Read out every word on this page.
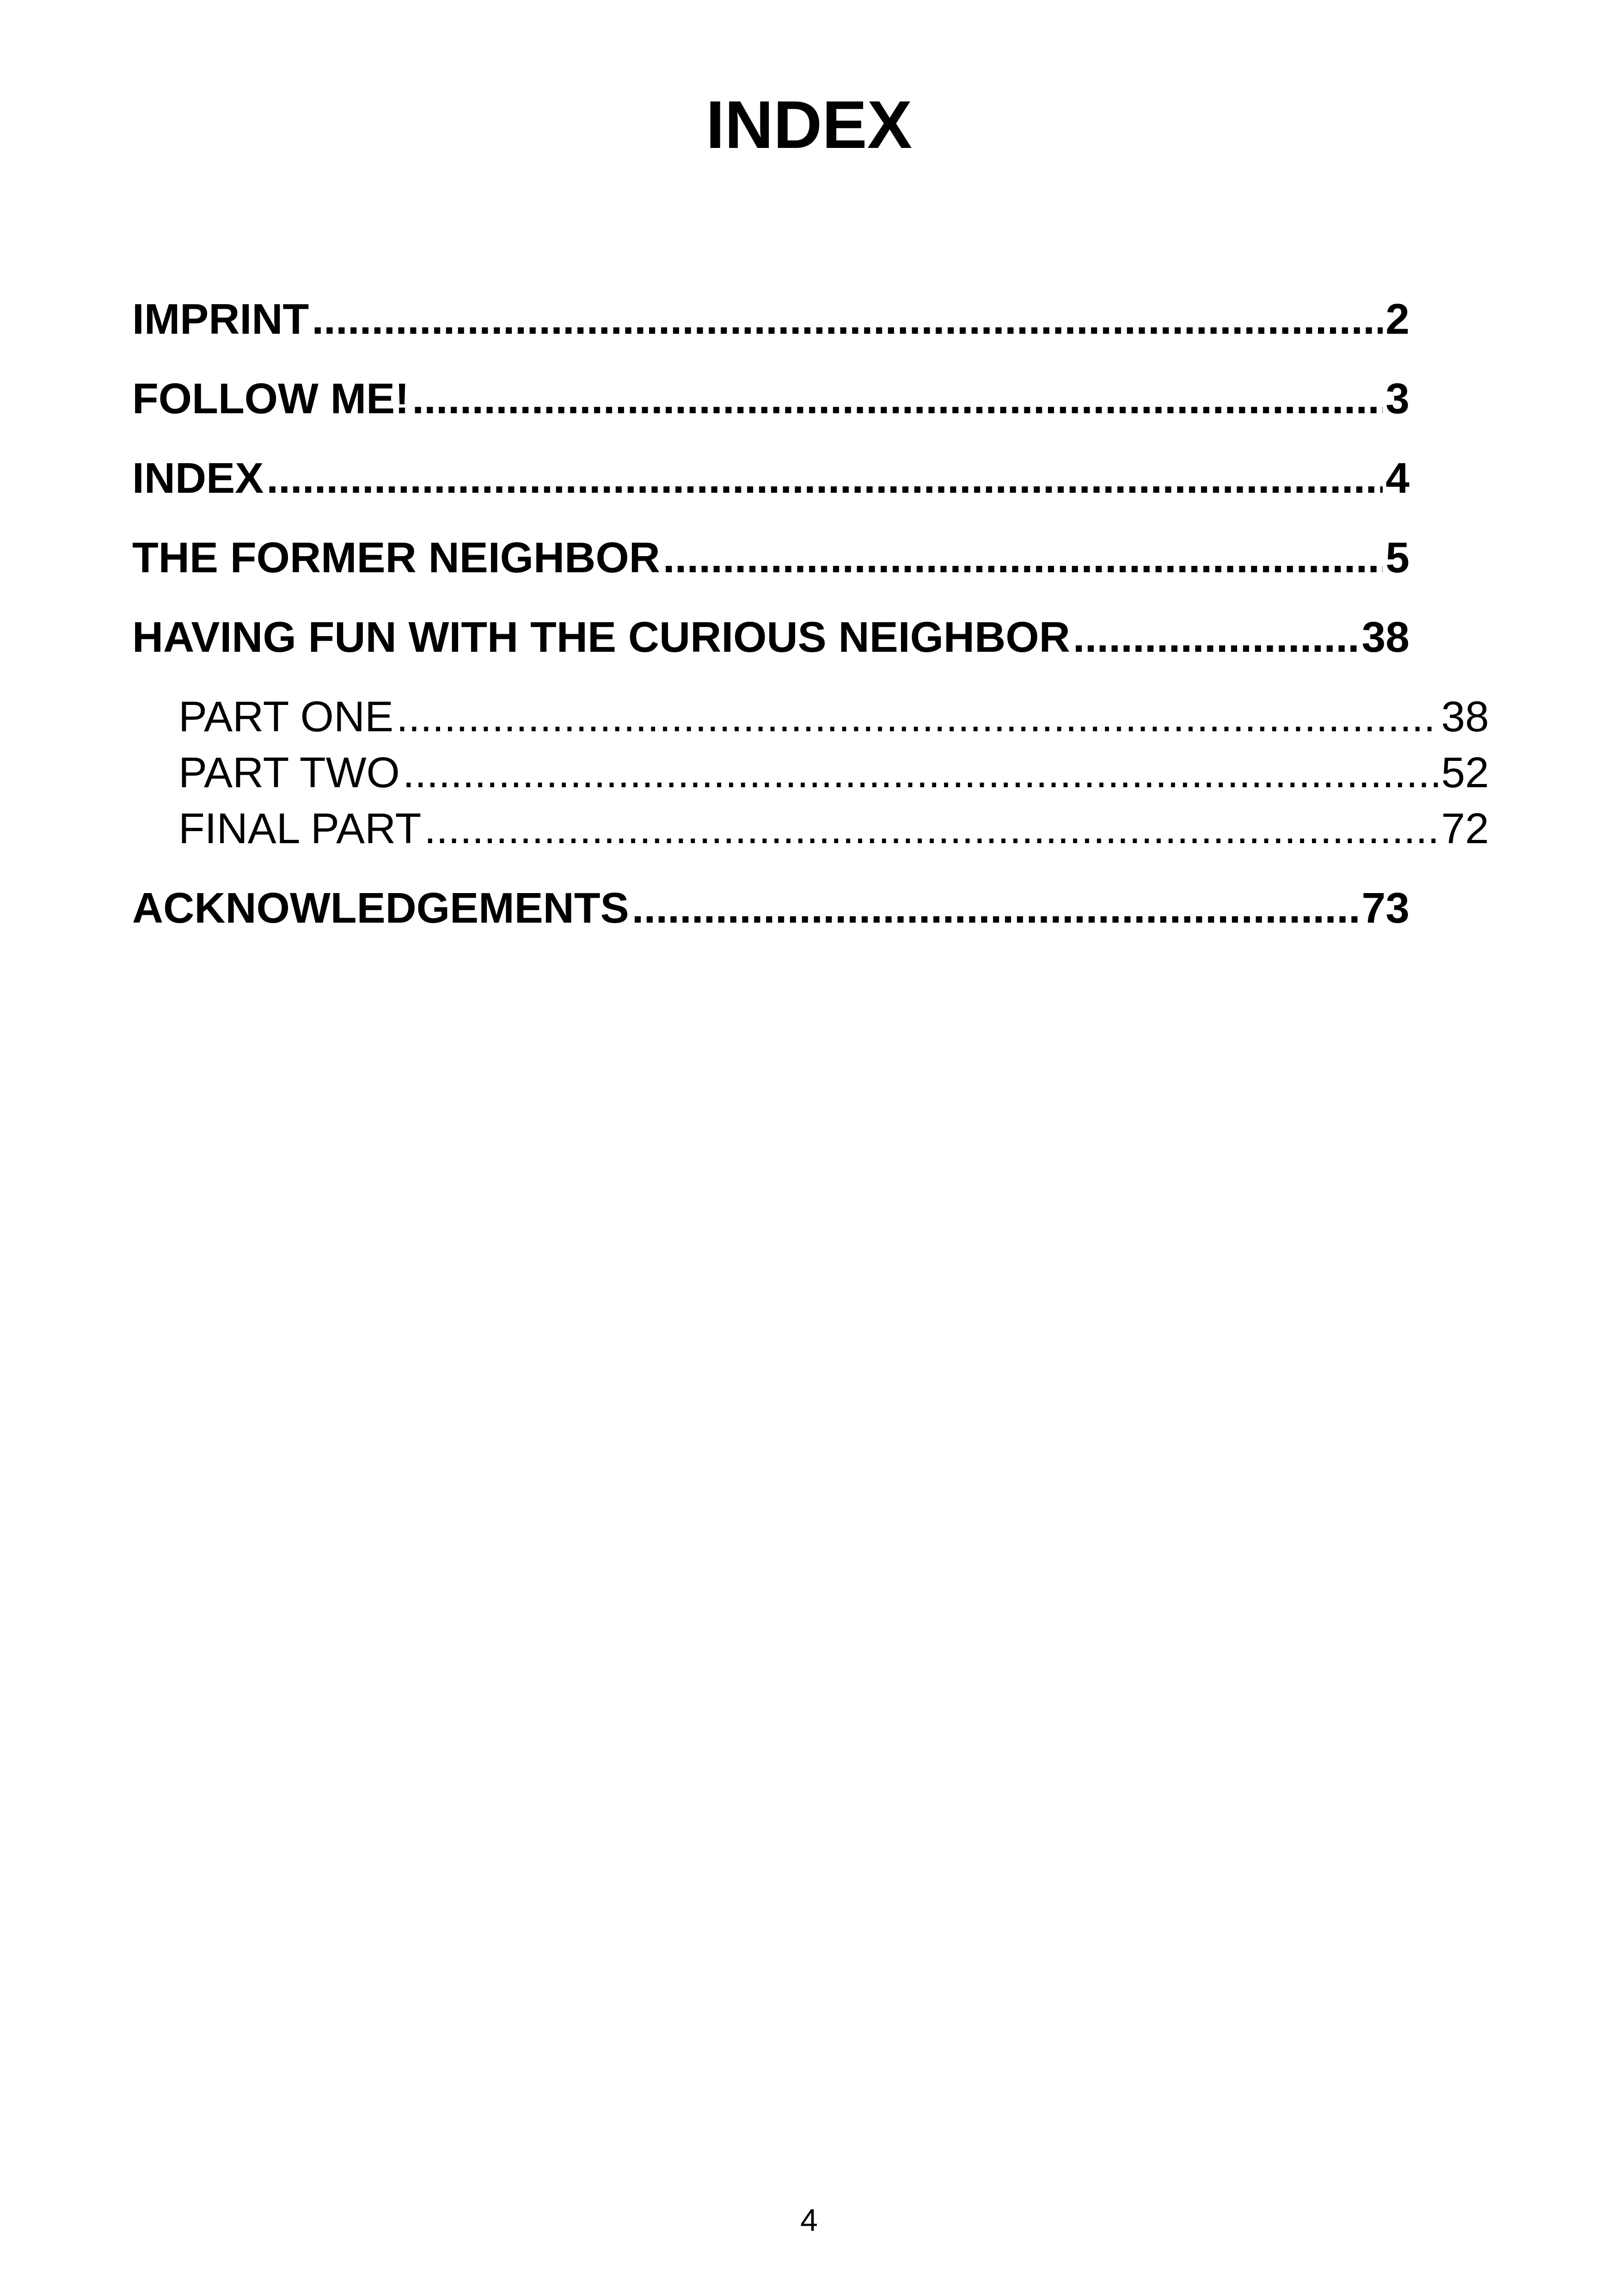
INDEX
IMPRINT .....	2
FOLLOW ME! .....	3
INDEX .....	4
THE FORMER NEIGHBOR .....	5
HAVING FUN WITH THE CURIOUS NEIGHBOR .....	38
PART ONE .....	38
PART TWO .....	52
FINAL PART .....	72
ACKNOWLEDGEMENTS .....	73
4
